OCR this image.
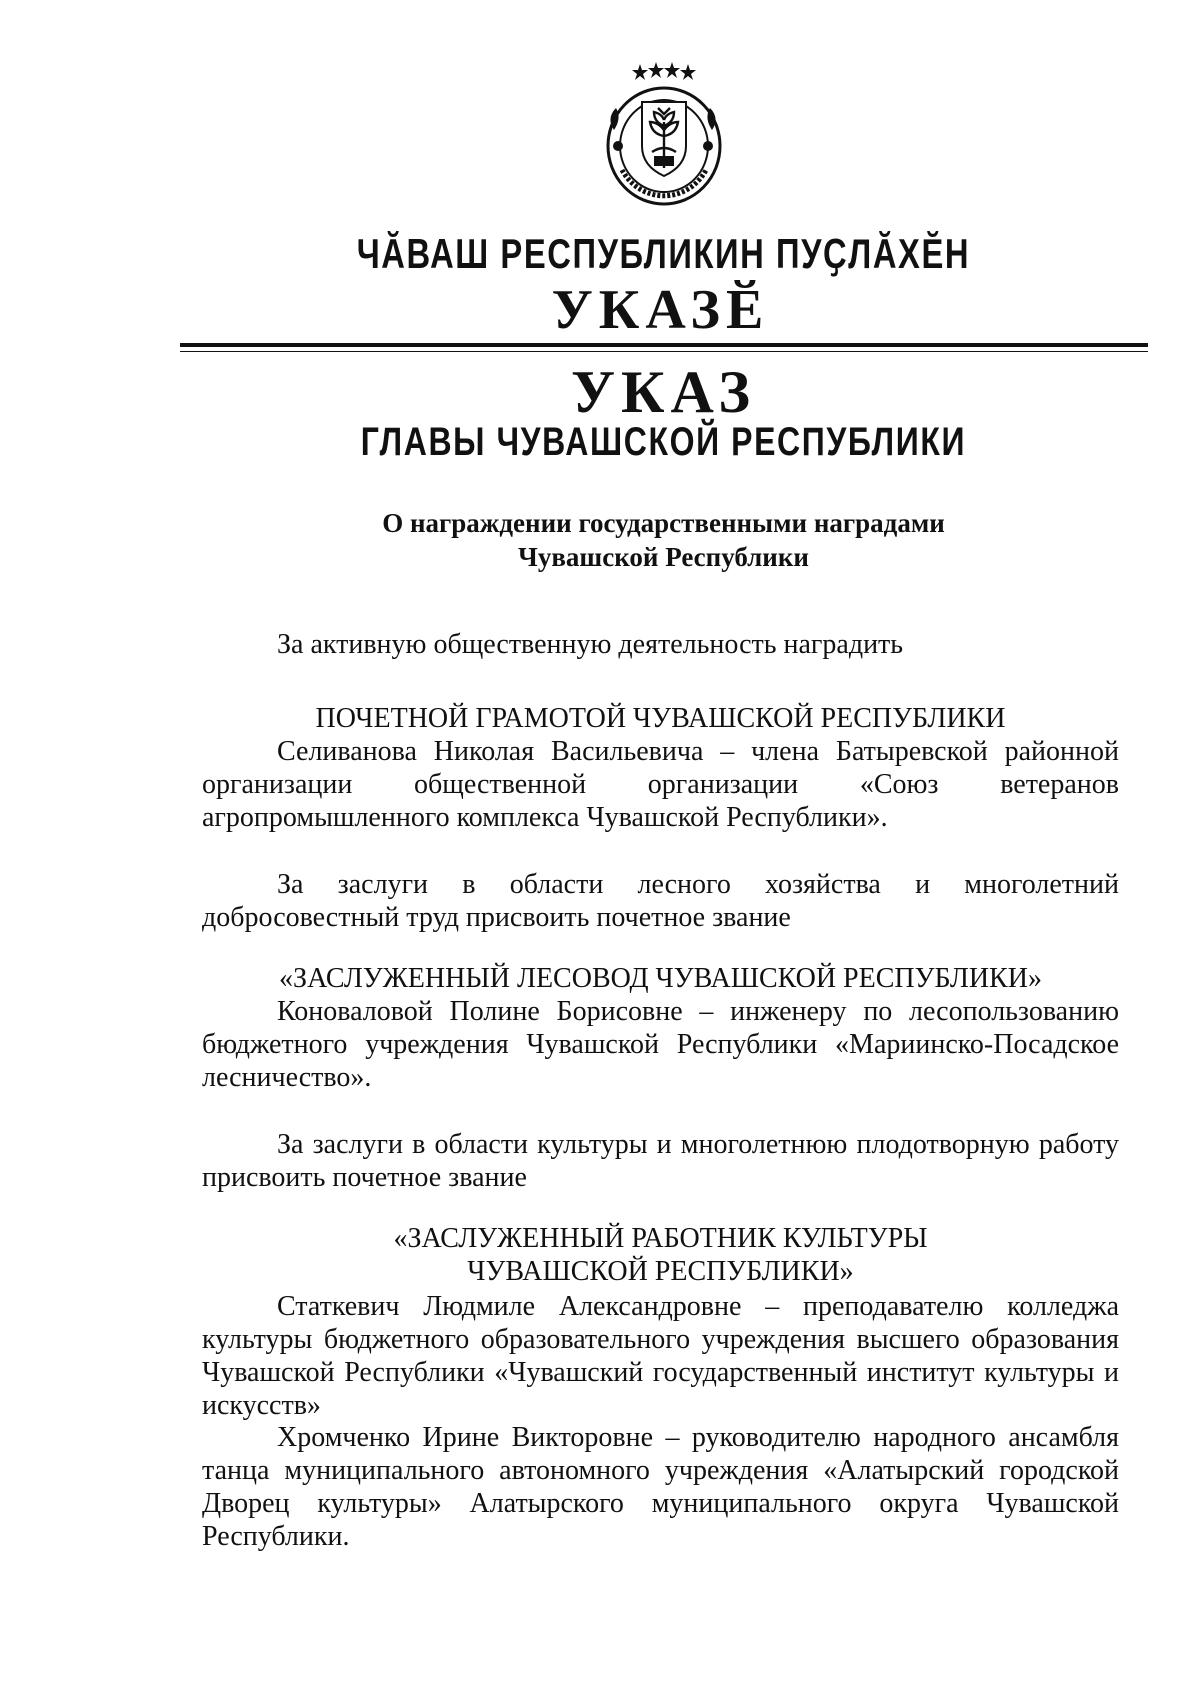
ЧӐВАШ РЕСПУБЛИКИН ПУҪЛӐХӖН
УКАЗӖ
УКАЗ
ГЛАВЫ ЧУВАШСКОЙ РЕСПУБЛИКИ
О награждении государственными наградами
Чувашской Республики

За активную общественную деятельность наградить

ПОЧЕТНОЙ ГРАМОТОЙ ЧУВАШСКОЙ РЕСПУБЛИКИ

Селиванова Николая Васильевича – члена Батыревской районной организации общественной организации «Союз ветеранов агропромышленного комплекса Чувашской Республики».

За заслуги в области лесного хозяйства и многолетний добросовестный труд присвоить почетное звание

«ЗАСЛУЖЕННЫЙ ЛЕСОВОД ЧУВАШСКОЙ РЕСПУБЛИКИ»

Коноваловой Полине Борисовне – инженеру по лесопользованию бюджетного учреждения Чувашской Республики «Мариинско-Посадское лесничество».

За заслуги в области культуры и многолетнюю плодотворную работу присвоить почетное звание

«ЗАСЛУЖЕННЫЙ РАБОТНИК КУЛЬТУРЫ

ЧУВАШСКОЙ РЕСПУБЛИКИ»

Статкевич Людмиле Александровне – преподавателю колледжа культуры бюджетного образовательного учреждения высшего образования Чувашской Республики «Чувашский государственный институт культуры и искусств»

Хромченко Ирине Викторовне – руководителю народного ансамбля танца муниципального автономного учреждения «Алатырский городской Дворец культуры» Алатырского муниципального округа Чувашской Республики.
